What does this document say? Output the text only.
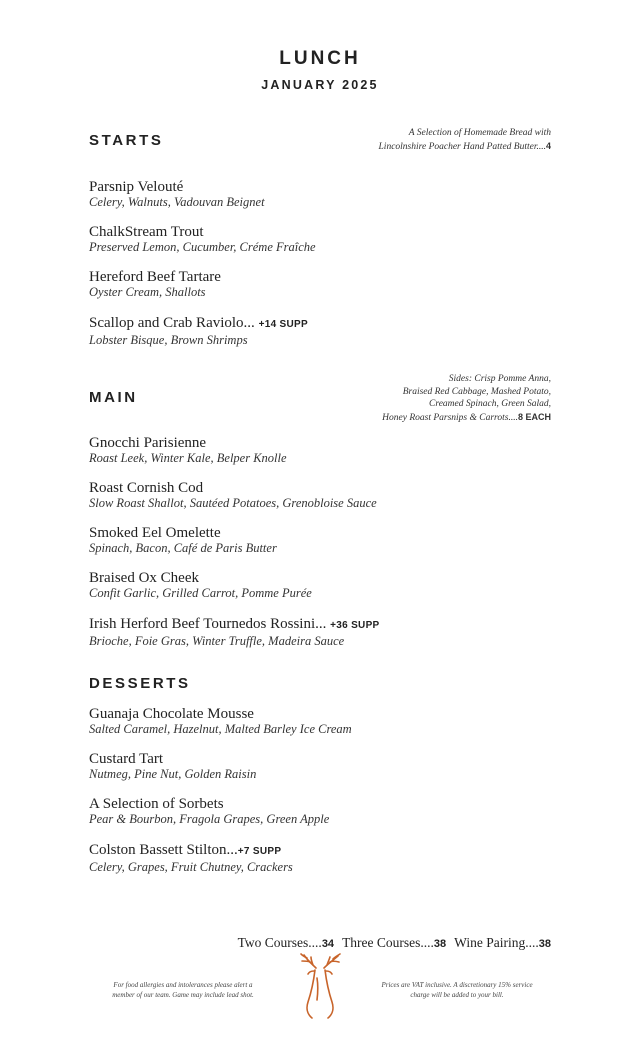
LUNCH
JANUARY 2025
STARTS	A Selection of Homemade Bread with
Lincolnshire Poacher Hand Patted Butter....4
Parsnip Velouté
Celery, Walnuts, Vadouvan Beignet
ChalkStream Trout
Preserved Lemon, Cucumber, Créme Fraîche
Hereford Beef Tartare
Oyster Cream, Shallots
Scallop and Crab Raviolo... +14 SUPP
Lobster Bisque, Brown Shrimps
MAIN
Sides: Crisp Pomme Anna,
Braised Red Cabbage, Mashed Potato,
Creamed Spinach, Green Salad,
Honey Roast Parsnips & Carrots....8 EACH
Gnocchi Parisienne
Roast Leek, Winter Kale, Belper Knolle
Roast Cornish Cod
Slow Roast Shallot, Sautéed Potatoes, Grenobloise Sauce
Smoked Eel Omelette
Spinach, Bacon, Café de Paris Butter
Braised Ox Cheek
Confit Garlic, Grilled Carrot, Pomme Purée
Irish Herford Beef Tournedos Rossini... +36 SUPP
Brioche, Foie Gras, Winter Truffle, Madeira Sauce
DESSERTS
Guanaja Chocolate Mousse
Salted Caramel, Hazelnut, Malted Barley Ice Cream
Custard Tart
Nutmeg, Pine Nut, Golden Raisin
A Selection of Sorbets
Pear & Bourbon, Fragola Grapes, Green Apple
Colston Bassett Stilton...+7 SUPP
Celery, Grapes, Fruit Chutney, Crackers
Two Courses....34 Three Courses....38 Wine Pairing....38
For food allergies and intolerances please alert a
member of our team. Game may include lead shot.
Prices are VAT inclusive. A discretionary 15% service
charge will be added to your bill.
